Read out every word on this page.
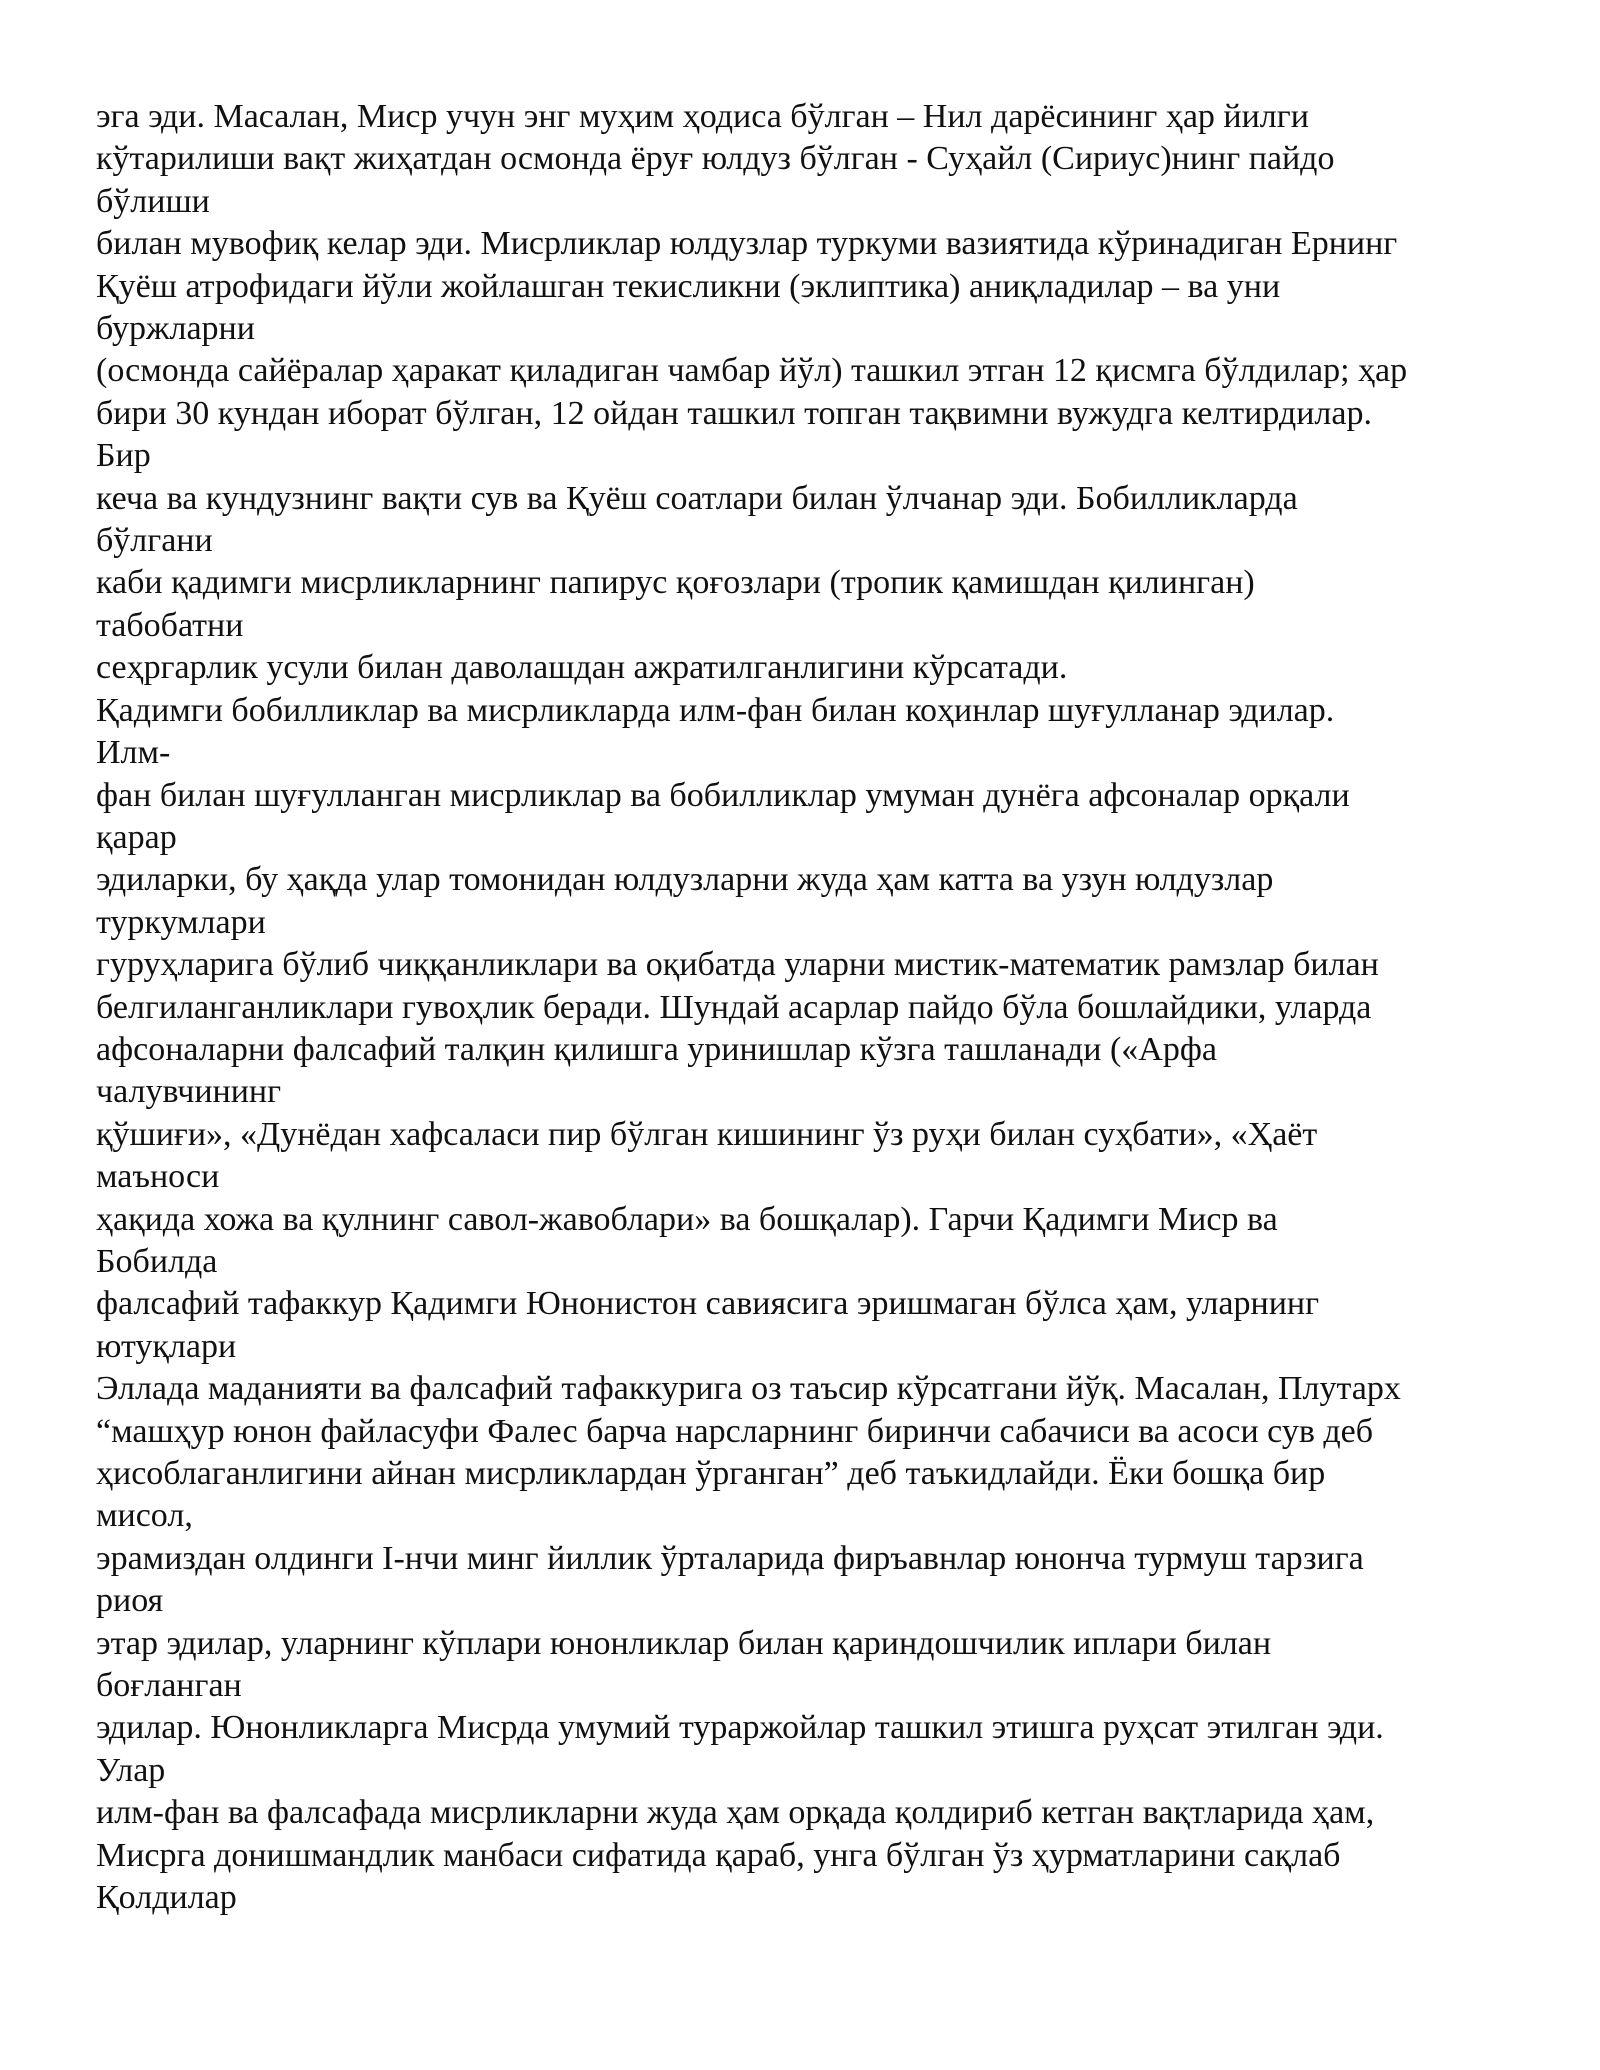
эга эди. Масалан, Миср учун энг муҳим ҳодиса бўлган – Нил дарёсининг ҳар йилги
кўтарилиши вақт жиҳатдан осмонда ёруғ юлдуз бўлган - Суҳайл (Сириус)нинг пайдо
бўлиши
билан мувофиқ келар эди. Мисрликлар юлдузлар туркуми вазиятида кўринадиган Ернинг
Қуёш атрофидаги йўли жойлашган текисликни (эклиптика) аниқладилар – ва уни
буржларни
(осмонда сайёралар ҳаракат қиладиган чамбар йўл) ташкил этган 12 қисмга бўлдилар; ҳар
бири 30 кундан иборат бўлган, 12 ойдан ташкил топган тақвимни вужудга келтирдилар.
Бир
кеча ва кундузнинг вақти сув ва Қуёш соатлари билан ўлчанар эди. Бобилликларда
бўлгани
каби қадимги мисрликларнинг папирус қоғозлари (тропик қамишдан қилинган)
табобатни
сеҳргарлик усули билан даволашдан ажратилганлигини кўрсатади.
Қадимги бобилликлар ва мисрликларда илм-фан билан коҳинлар шуғулланар эдилар.
Илм-
фан билан шуғулланган мисрликлар ва бобилликлар умуман дунёга афсоналар орқали
қарар
эдиларки, бу ҳақда улар томонидан юлдузларни жуда ҳам катта ва узун юлдузлар
туркумлари
гуруҳларига бўлиб чиққанликлари ва оқибатда уларни мистик-математик рамзлар билан
белгиланганликлари гувоҳлик беради. Шундай асарлар пайдо бўла бошлайдики, уларда
афсоналарни фалсафий талқин қилишга уринишлар кўзга ташланади («Арфа
чалувчининг
қўшиғи», «Дунёдан хафсаласи пир бўлган кишининг ўз руҳи билан суҳбати», «Ҳаёт
маъноси
ҳақида хожа ва қулнинг савол-жавоблари» ва бошқалар). Гарчи Қадимги Миср ва
Бобилда
фалсафий тафаккур Қадимги Юнонистон савиясига эришмаган бўлса ҳам, уларнинг
ютуқлари
Эллада маданияти ва фалсафий тафаккурига оз таъсир кўрсатгани йўқ. Масалан, Плутарх
“машҳур юнон файласуфи Фалес барча нарсларнинг биринчи сабачиси ва асоси сув деб
ҳисоблаганлигини айнан мисрликлардан ўрганган” деб таъкидлайди. Ёки бошқа бир
мисол,
эрамиздан олдинги I-нчи минг йиллик ўрталарида фиръавнлар юнонча турмуш тарзига
риоя
этар эдилар, уларнинг кўплари юнонликлар билан қариндошчилик иплари билан
боғланган
эдилар. Юнонликларга Мисрда умумий тураржойлар ташкил этишга руҳсат этилган эди.
Улар
илм-фан ва фалсафада мисрликларни жуда ҳам орқада қолдириб кетган вақтларида ҳам,
Мисрга донишмандлик манбаси сифатида қараб, унга бўлган ўз ҳурматларини сақлаб
Қолдилар
